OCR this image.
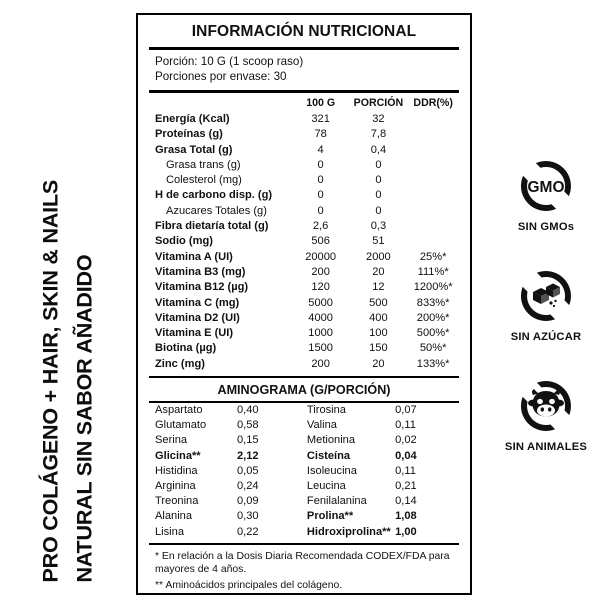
PRO COLÁGENO + HAIR, SKIN & NAILS NATURAL SIN SABOR AÑADIDO
INFORMACIÓN NUTRICIONAL
Porción: 10 G (1 scoop raso)
Porciones por envase: 30
	100 G	PORCIÓN	DDR(%)
Energía (Kcal)	321	32	
Proteínas (g)	78	7,8	
Grasa Total (g)	4	0,4	
Grasa trans (g)	0	0	
Colesterol (mg)	0	0	
H de carbono disp. (g)	0	0	
Azucares Totales (g)	0	0	
Fibra dietaría total (g)	2,6	0,3	
Sodio (mg)	506	51	
Vitamina A (UI)	20000	2000	25%*
Vitamina B3 (mg)	200	20	111%*
Vitamina B12 (µg)	120	12	1200%*
Vitamina C (mg)	5000	500	833%*
Vitamina D2 (UI)	4000	400	200%*
Vitamina E (UI)	1000	100	500%*
Biotina (µg)	1500	150	50%*
Zinc (mg)	200	20	133%*
AMINOGRAMA (G/PORCIÓN)
Aspartato	0,40	Tirosina	0,07
Glutamato	0,58	Valina	0,11
Serina	0,15	Metionina	0,02
Glicina**	2,12	Cisteína	0,04
Histidina	0,05	Isoleucina	0,11
Arginina	0,24	Leucina	0,21
Treonina	0,09	Fenilalanina	0,14
Alanina	0,30	Prolina**	1,08
Lisina	0,22	Hidroxiprolina**	1,00

* En relación a la Dosis Diaria Recomendada CODEX/FDA para mayores de 4 años.

** Aminoácidos principales del colágeno.

GMO
SIN GMOs
SIN AZÚCAR
SIN ANIMALES
